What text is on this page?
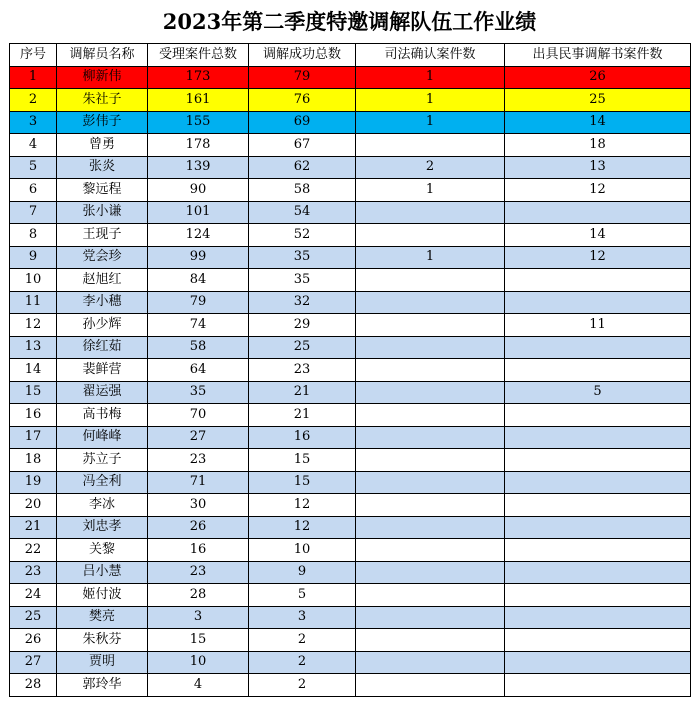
2023年第二季度特邀调解队伍工作业绩
序号	调解员名称	受理案件总数	调解成功总数	司法确认案件数	出具民事调解书案件数
1	柳新伟	173	79	1	26
2	朱社子	161	76	1	25
3	彭伟子	155	69	1	14
4	曾勇	178	67		18
5	张炎	139	62	2	13
6	黎远程	90	58	1	12
7	张小谦	101	54		
8	王现子	124	52		14
9	党会珍	99	35	1	12
10	赵旭红	84	35		
11	李小穗	79	32		
12	孙少辉	74	29		11
13	徐红茹	58	25		
14	裴鲜营	64	23		
15	翟运强	35	21		5
16	高书梅	70	21		
17	何峰峰	27	16		
18	苏立子	23	15		
19	冯全利	71	15		
20	李冰	30	12		
21	刘忠孝	26	12		
22	关黎	16	10		
23	吕小慧	23	9		
24	姬付波	28	5		
25	樊亮	3	3		
26	朱秋芬	15	2		
27	贾明	10	2		
28	郭玲华	4	2		
